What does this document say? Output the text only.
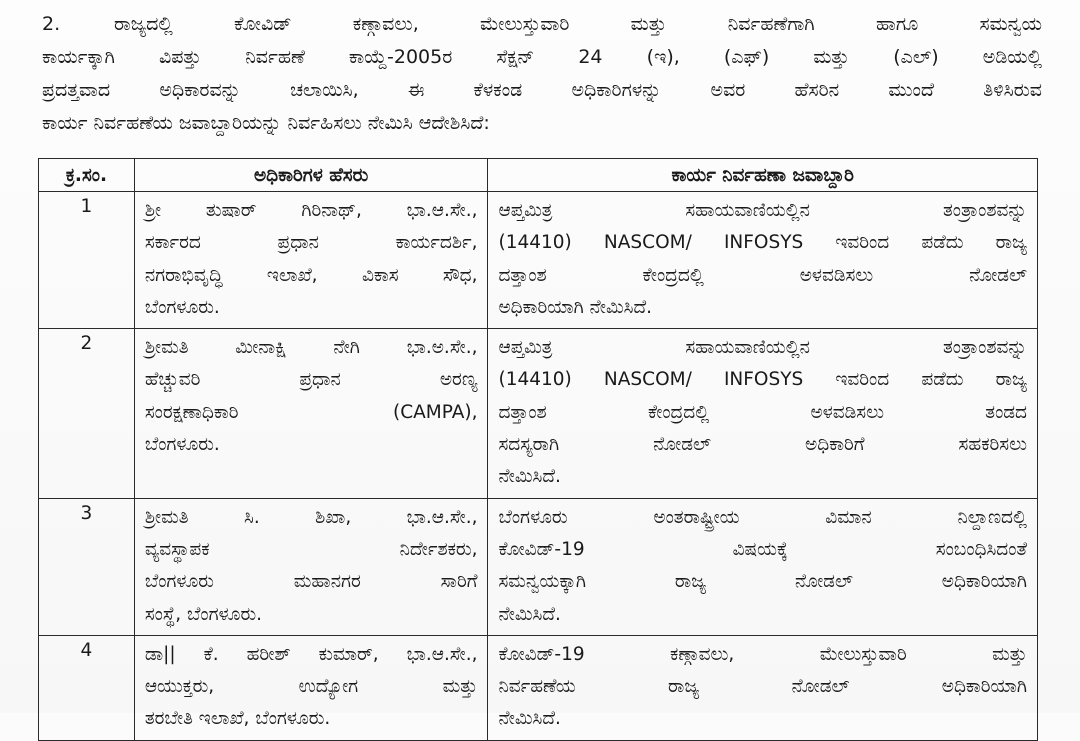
2.	ರಾಜ್ಯದಲ್ಲಿ ಕೋವಿಡ್ ಕಣ್ಗಾವಲು, ಮೇಲುಸ್ತುವಾರಿ ಮತ್ತು ನಿರ್ವಹಣೆಗಾಗಿ ಹಾಗೂ ಸಮನ್ವಯ
ಕಾರ್ಯಕ್ಕಾಗಿ ವಿಪತ್ತು ನಿರ್ವಹಣೆ ಕಾಯ್ದೆ-2005ರ ಸೆಕ್ಷನ್ 24 (ಇ), (ಎಫ್) ಮತ್ತು (ಎಲ್) ಅಡಿಯಲ್ಲಿ
ಪ್ರದತ್ತವಾದ ಅಧಿಕಾರವನ್ನು ಚಲಾಯಿಸಿ, ಈ ಕೆಳಕಂಡ ಅಧಿಕಾರಿಗಳನ್ನು ಅವರ ಹೆಸರಿನ ಮುಂದೆ ತಿಳಿಸಿರುವ
ಕಾರ್ಯ ನಿರ್ವಹಣೆಯ ಜವಾಬ್ದಾರಿಯನ್ನು ನಿರ್ವಹಿಸಲು ನೇಮಿಸಿ ಆದೇಶಿಸಿದೆ:
ಕ್ರ.ಸಂ.	ಅಧಿಕಾರಿಗಳ ಹೆಸರು	ಕಾರ್ಯ ನಿರ್ವಹಣಾ ಜವಾಬ್ದಾರಿ
1	ಶ್ರೀ ತುಷಾರ್ ಗಿರಿನಾಥ್, ಭಾ.ಆ.ಸೇ.,
ಸರ್ಕಾರದ ಪ್ರಧಾನ ಕಾರ್ಯದರ್ಶಿ,
ನಗರಾಭಿವೃದ್ಧಿ ಇಲಾಖೆ, ವಿಕಾಸ ಸೌಧ,
ಬೆಂಗಳೂರು.	ಆಪ್ತಮಿತ್ರ ಸಹಾಯವಾಣಿಯಲ್ಲಿನ ತಂತ್ರಾಂಶವನ್ನು
(14410) NASCOM/ INFOSYS ಇವರಿಂದ ಪಡೆದು ರಾಜ್ಯ
ದತ್ತಾಂಶ ಕೇಂದ್ರದಲ್ಲಿ ಅಳವಡಿಸಲು ನೋಡಲ್
ಅಧಿಕಾರಿಯಾಗಿ ನೇಮಿಸಿದೆ.

2	ಶ್ರೀಮತಿ ಮೀನಾಕ್ಷಿ ನೇಗಿ ಭಾ.ಅ.ಸೇ.,
ಹೆಚ್ಚುವರಿ ಪ್ರಧಾನ ಅರಣ್ಯ
ಸಂರಕ್ಷಣಾಧಿಕಾರಿ (CAMPA),
ಬೆಂಗಳೂರು.	ಆಪ್ತಮಿತ್ರ ಸಹಾಯವಾಣಿಯಲ್ಲಿನ ತಂತ್ರಾಂಶವನ್ನು
(14410) NASCOM/ INFOSYS ಇವರಿಂದ ಪಡೆದು ರಾಜ್ಯ
ದತ್ತಾಂಶ ಕೇಂದ್ರದಲ್ಲಿ ಅಳವಡಿಸಲು ತಂಡದ
ಸದಸ್ಯರಾಗಿ ನೋಡಲ್ ಅಧಿಕಾರಿಗೆ ಸಹಕರಿಸಲು
ನೇಮಿಸಿದೆ.

3	ಶ್ರೀಮತಿ ಸಿ. ಶಿಖಾ, ಭಾ.ಆ.ಸೇ.,
ವ್ಯವಸ್ಥಾಪಕ ನಿರ್ದೇಶಕರು,
ಬೆಂಗಳೂರು ಮಹಾನಗರ ಸಾರಿಗೆ
ಸಂಸ್ಥೆ, ಬೆಂಗಳೂರು.	ಬೆಂಗಳೂರು ಅಂತರಾಷ್ಟ್ರೀಯ ವಿಮಾನ ನಿಲ್ದಾಣದಲ್ಲಿ
ಕೋವಿಡ್-19 ವಿಷಯಕ್ಕೆ ಸಂಬಂಧಿಸಿದಂತೆ
ಸಮನ್ವಯಕ್ಕಾಗಿ ರಾಜ್ಯ ನೋಡಲ್ ಅಧಿಕಾರಿಯಾಗಿ
ನೇಮಿಸಿದೆ.

4	ಡಾ|| ಕೆ. ಹರೀಶ್ ಕುಮಾರ್, ಭಾ.ಆ.ಸೇ.,
ಆಯುಕ್ತರು, ಉದ್ಯೋಗ ಮತ್ತು
ತರಬೇತಿ ಇಲಾಖೆ, ಬೆಂಗಳೂರು.	ಕೋವಿಡ್-19 ಕಣ್ಗಾವಲು, ಮೇಲುಸ್ತುವಾರಿ ಮತ್ತು
ನಿರ್ವಹಣೆಯ ರಾಜ್ಯ ನೋಡಲ್ ಅಧಿಕಾರಿಯಾಗಿ
ನೇಮಿಸಿದೆ.
